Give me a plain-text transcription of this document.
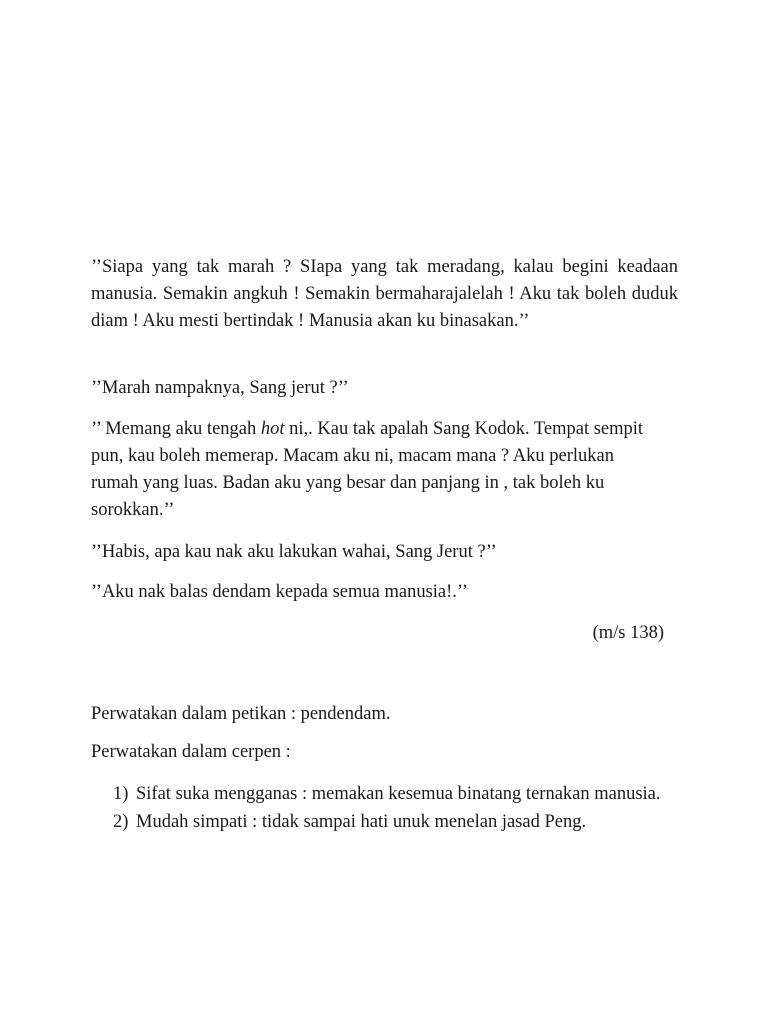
’’Siapa yang tak marah ? SIapa yang tak meradang, kalau begini keadaan manusia. Semakin angkuh ! Semakin bermaharajalelah ! Aku tak boleh duduk diam ! Aku mesti bertindak ! Manusia akan ku binasakan.’’

’’Marah nampaknya, Sang jerut ?’’

’’ Memang aku tengah hot ni,. Kau tak apalah Sang Kodok. Tempat sempit pun, kau boleh memerap. Macam aku ni, macam mana ? Aku perlukan rumah yang luas. Badan aku yang besar dan panjang in , tak boleh ku sorokkan.’’

’’Habis, apa kau nak aku lakukan wahai, Sang Jerut ?’’

’’Aku nak balas dendam kepada semua manusia!.’’

(m/s 138)

Perwatakan dalam petikan : pendendam.

Perwatakan dalam cerpen :

1) Sifat suka mengganas : memakan kesemua binatang ternakan manusia.
2) Mudah simpati : tidak sampai hati unuk menelan jasad Peng.
